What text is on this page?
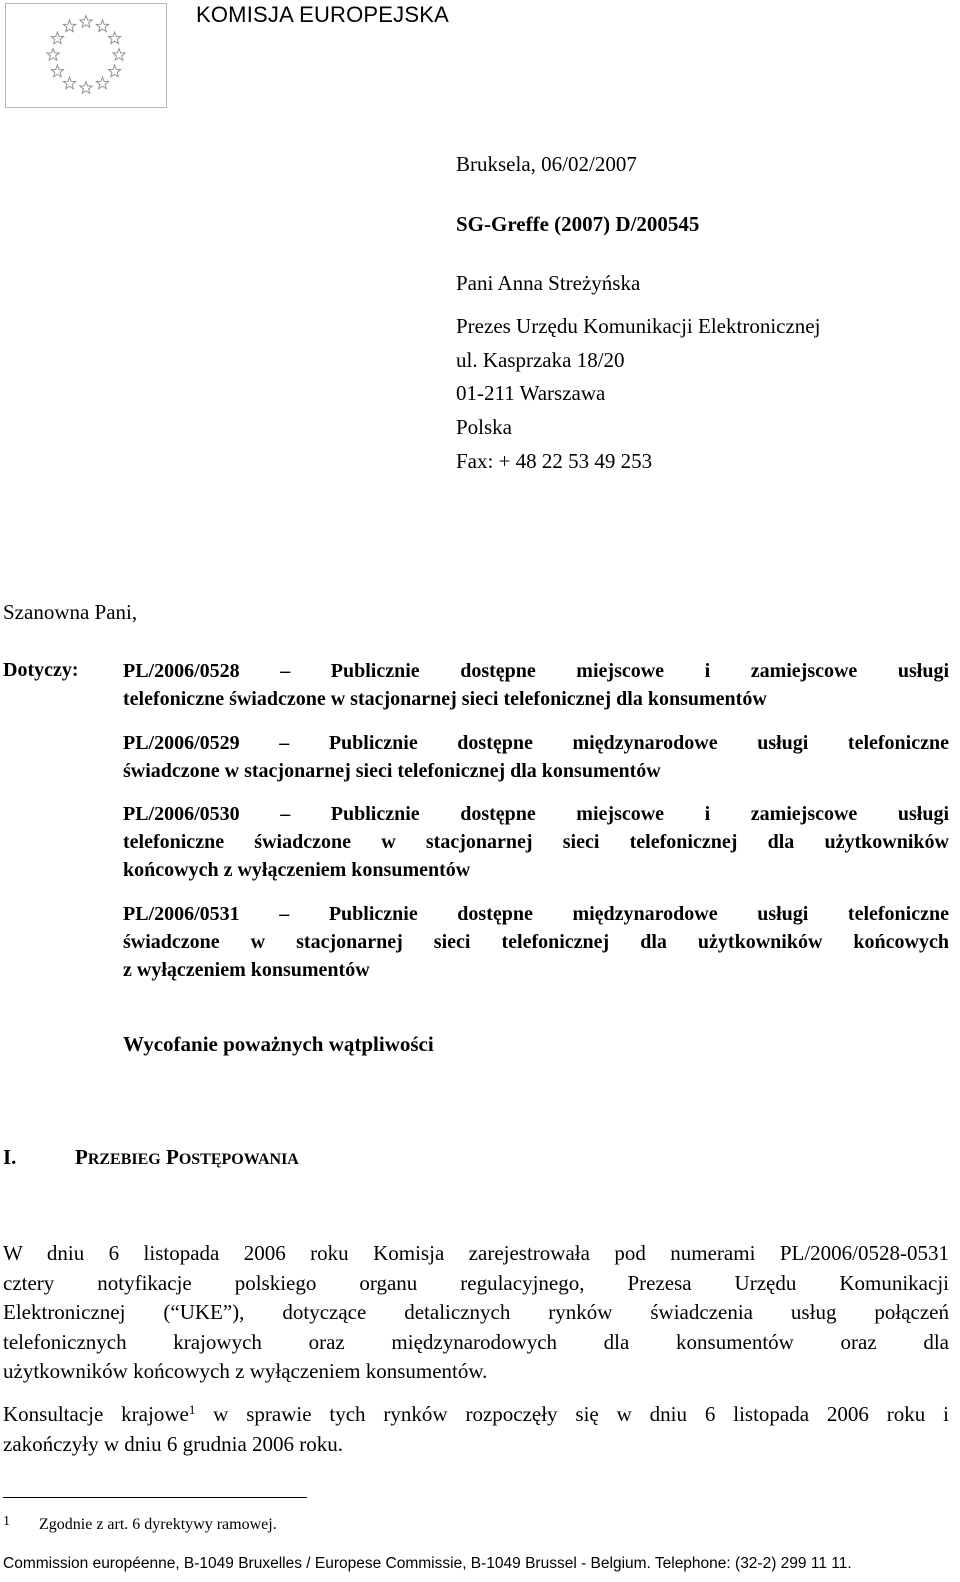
KOMISJA EUROPEJSKA
Bruksela, 06/02/2007
SG-Greffe (2007) D/200545
Pani Anna Streżyńska
Prezes Urzędu Komunikacji Elektronicznej
ul. Kasprzaka 18/20
01-211 Warszawa
Polska
Fax: + 48 22 53 49 253
Szanowna Pani,
Dotyczy: PL/2006/0528 – Publicznie dostępne miejscowe i zamiejscowe usługi
telefoniczne świadczone w stacjonarnej sieci telefonicznej dla konsumentów
PL/2006/0529 – Publicznie dostępne międzynarodowe usługi telefoniczne
świadczone w stacjonarnej sieci telefonicznej dla konsumentów
PL/2006/0530 – Publicznie dostępne miejscowe i zamiejscowe usługi
telefoniczne świadczone w stacjonarnej sieci telefonicznej dla użytkowników
końcowych z wyłączeniem konsumentów
PL/2006/0531 – Publicznie dostępne międzynarodowe usługi telefoniczne
świadczone w stacjonarnej sieci telefonicznej dla użytkowników końcowych
z wyłączeniem konsumentów
Wycofanie poważnych wątpliwości
I.	PRZEBIEG POSTĘPOWANIA
W dniu 6 listopada 2006 roku Komisja zarejestrowała pod numerami PL/2006/0528-0531
cztery notyfikacje polskiego organu regulacyjnego, Prezesa Urzędu Komunikacji
Elektronicznej (“UKE”), dotyczące detalicznych rynków świadczenia usług połączeń
telefonicznych krajowych oraz międzynarodowych dla konsumentów oraz dla
użytkowników końcowych z wyłączeniem konsumentów.
Konsultacje krajowe$^1$ w sprawie tych rynków rozpoczęły się w dniu 6 listopada 2006 roku i
zakończyły w dniu 6 grudnia 2006 roku.
1 Zgodnie z art. 6 dyrektywy ramowej.
Commission européenne, B-1049 Bruxelles / Europese Commissie, B-1049 Brussel - Belgium. Telephone: (32-2) 299 11 11.
